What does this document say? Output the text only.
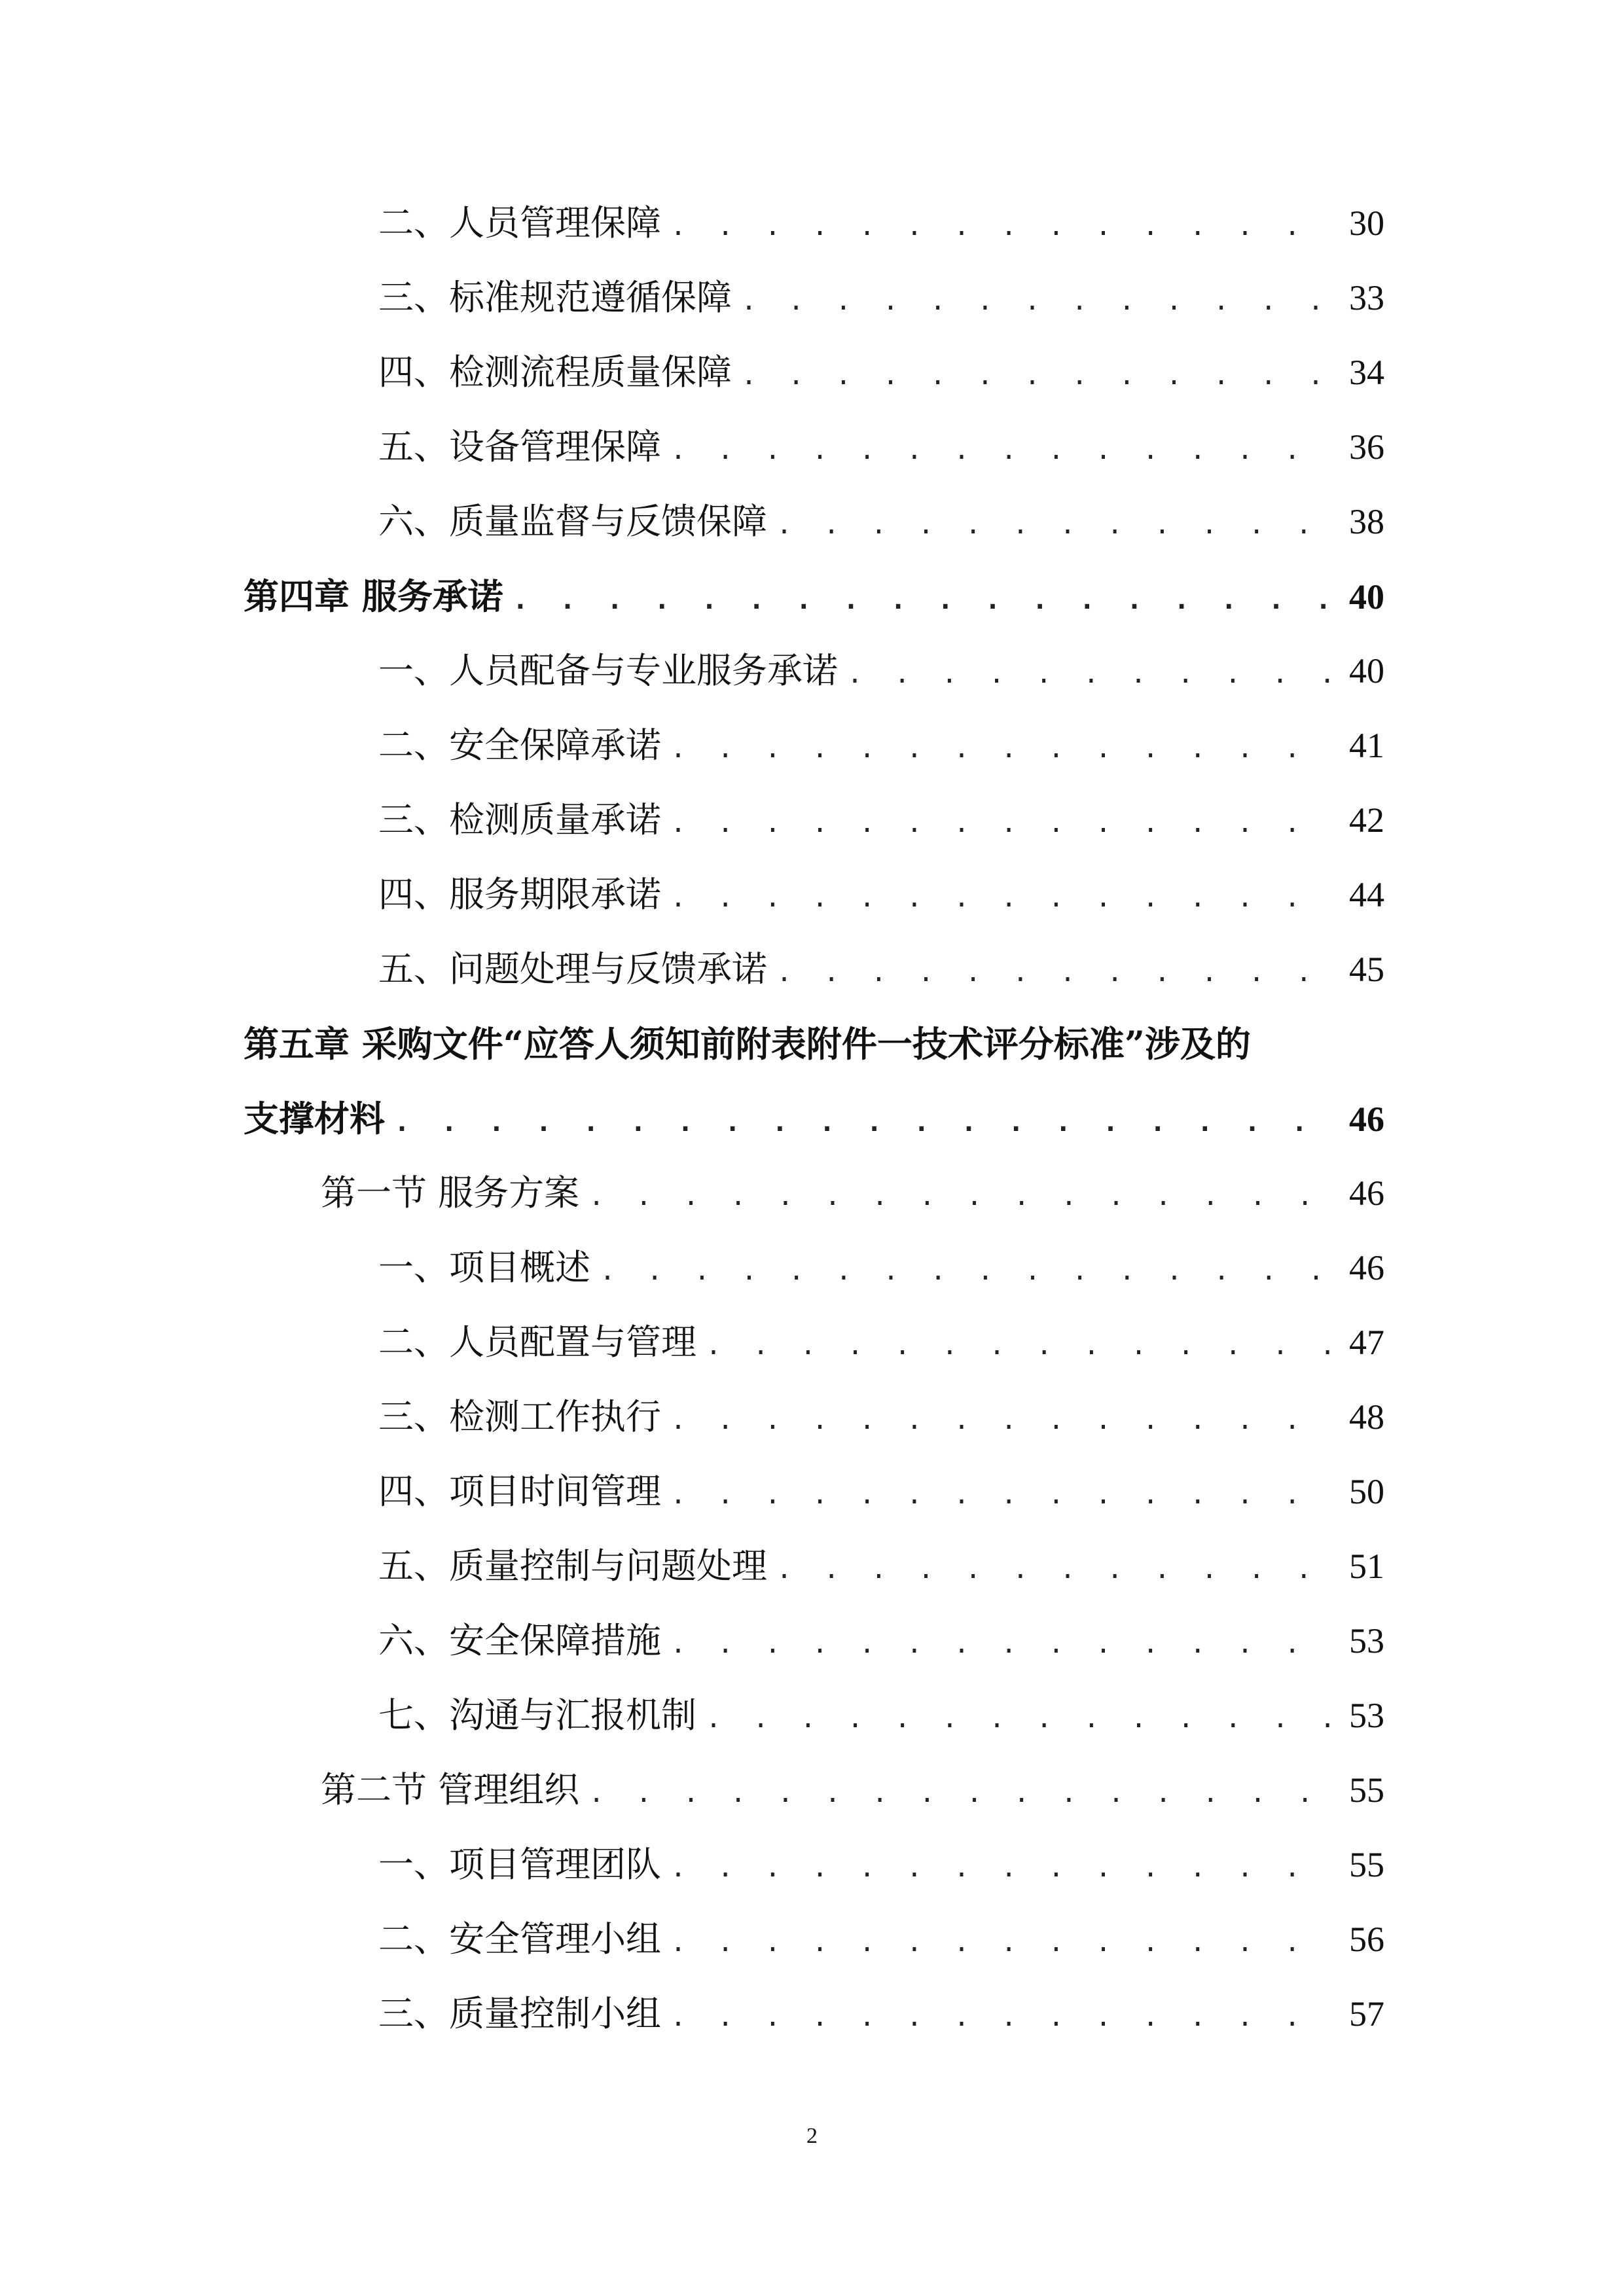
二、人员管理保障 . . .	30
三、标准规范遵循保障 . . .	33
四、检测流程质量保障 . . .	34
五、设备管理保障 . . .	36
六、质量监督与反馈保障 . . .	38
第四章 服务承诺 . . .	40
一、人员配备与专业服务承诺 . . .	40
二、安全保障承诺 . . .	41
三、检测质量承诺 . . .	42
四、服务期限承诺 . . .	44
五、问题处理与反馈承诺 . . .	45
第五章 采购文件“应答人须知前附表附件一技术评分标准”涉及的
支撑材料 . . .	46
第一节 服务方案 . . .	46
一、项目概述 . . .	46
二、人员配置与管理 . . .	47
三、检测工作执行 . . .	48
四、项目时间管理 . . .	50
五、质量控制与问题处理 . . .	51
六、安全保障措施 . . .	53
七、沟通与汇报机制 . . .	53
第二节 管理组织 . . .	55
一、项目管理团队 . . .	55
二、安全管理小组 . . .	56
三、质量控制小组 . . .	57
2
